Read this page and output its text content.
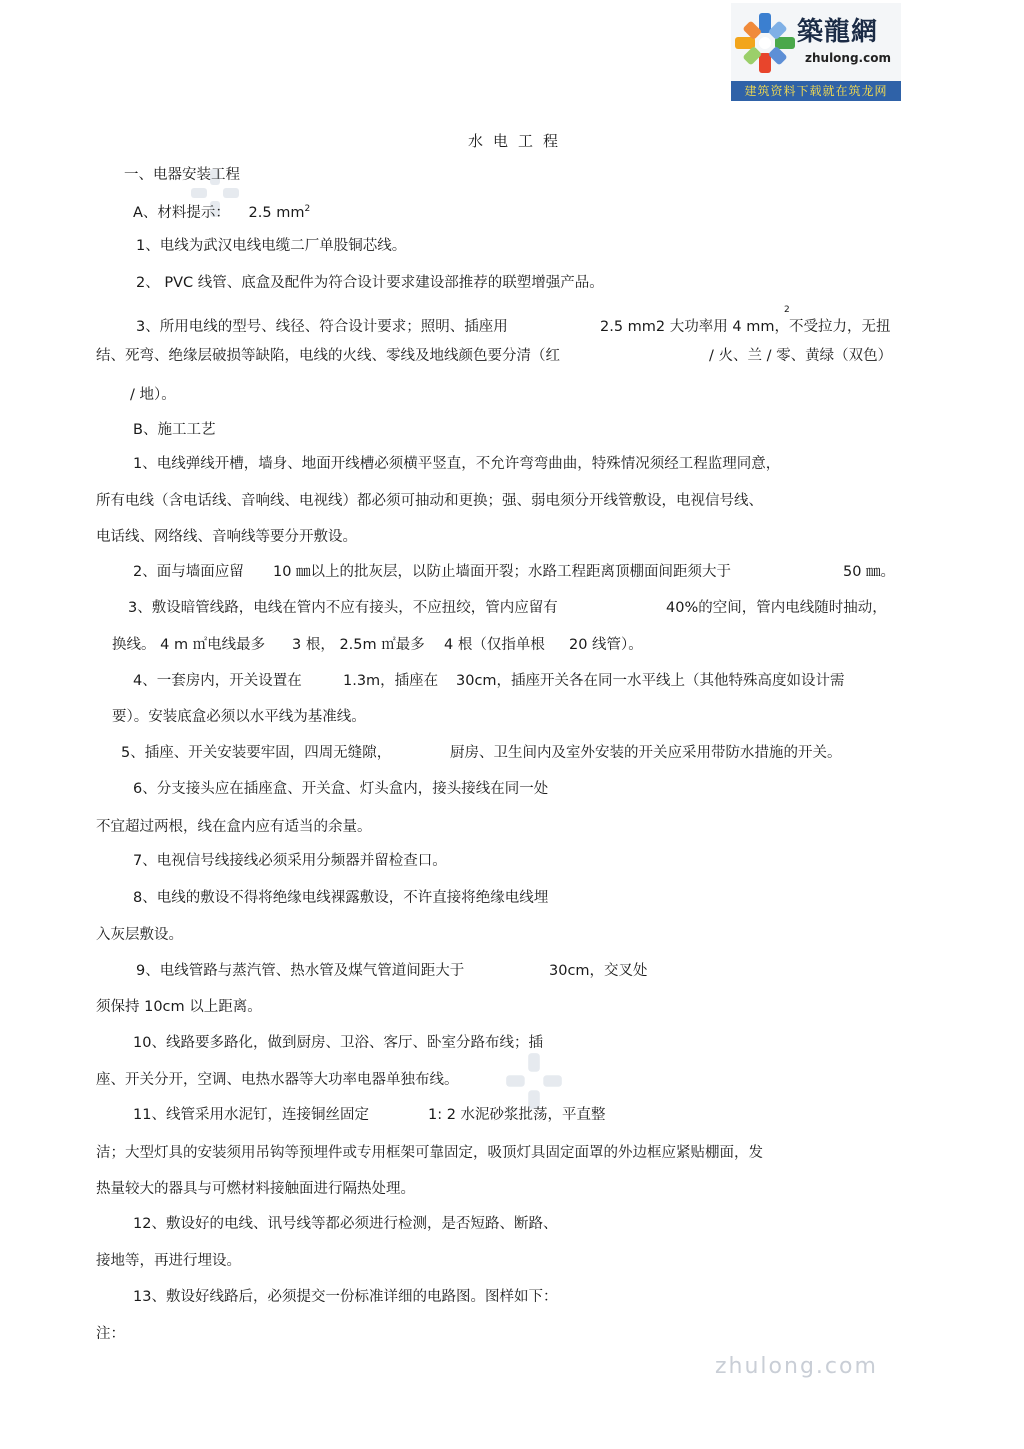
築龍網
zhulong.com
建筑资料下载就在筑龙网
zhulong.com
水电工程
一、电器安装工程
A、材料提示： 2.5 $mm^2$
1、电线为武汉电线电缆二厂单股铜芯线。
2、 PVC 线管、底盒及配件为符合设计要求建设部推荐的联塑增强产品。
3、所用电线的型号、线径、符合设计要求；照明、插座用	2.5 mm2 大功率用 4 mm，不受拉力，无扭
2
结、死弯、绝缘层破损等缺陷，电线的火线、零线及地线颜色要分清（红	/ 火、兰 / 零、黄绿（双色）
/ 地）。
B、施工工艺
1、电线弹线开槽，墙身、地面开线槽必须横平竖直，不允许弯弯曲曲，特殊情况须经工程监理同意，
所有电线（含电话线、音响线、电视线）都必须可抽动和更换；强、弱电须分开线管敷设，电视信号线、
电话线、网络线、音响线等要分开敷设。
2、面与墙面应留 10 ㎜以上的批灰层，以防止墙面开裂；水路工程距离顶棚面间距须大于	50 ㎜。
3、敷设暗管线路，电线在管内不应有接头，不应扭绞，管内应留有	40%的空间，管内电线随时抽动，
换线。 4 m ㎡电线最多 3 根， 2.5m ㎡最多 4 根（仅指单根 20 线管）。
4、一套房内，开关设置在	1.3m，插座在 30cm，插座开关各在同一水平线上（其他特殊高度如设计需
要）。安装底盒必须以水平线为基准线。
5、插座、开关安装要牢固，四周无缝隙，	厨房、卫生间内及室外安装的开关应采用带防水措施的开关。
6、分支接头应在插座盒、开关盒、灯头盒内，接头接线在同一处
不宜超过两根，线在盒内应有适当的余量。
7、电视信号线接线必须采用分频器并留检查口。
8、电线的敷设不得将绝缘电线裸露敷设，不许直接将绝缘电线埋
入灰层敷设。
9、电线管路与蒸汽管、热水管及煤气管道间距大于	30cm，交叉处
须保持 10cm 以上距离。
10、线路要多路化，做到厨房、卫浴、客厅、卧室分路布线；插
座、开关分开，空调、电热水器等大功率电器单独布线。
11、线管采用水泥钉，连接铜丝固定	1: 2 水泥砂浆批荡，平直整
洁；大型灯具的安装须用吊钩等预埋件或专用框架可靠固定，吸顶灯具固定面罩的外边框应紧贴棚面，发
热量较大的器具与可燃材料接触面进行隔热处理。
12、敷设好的电线、讯号线等都必须进行检测，是否短路、断路、
接地等，再进行埋设。
13、敷设好线路后，必须提交一份标准详细的电路图。图样如下：
注：
